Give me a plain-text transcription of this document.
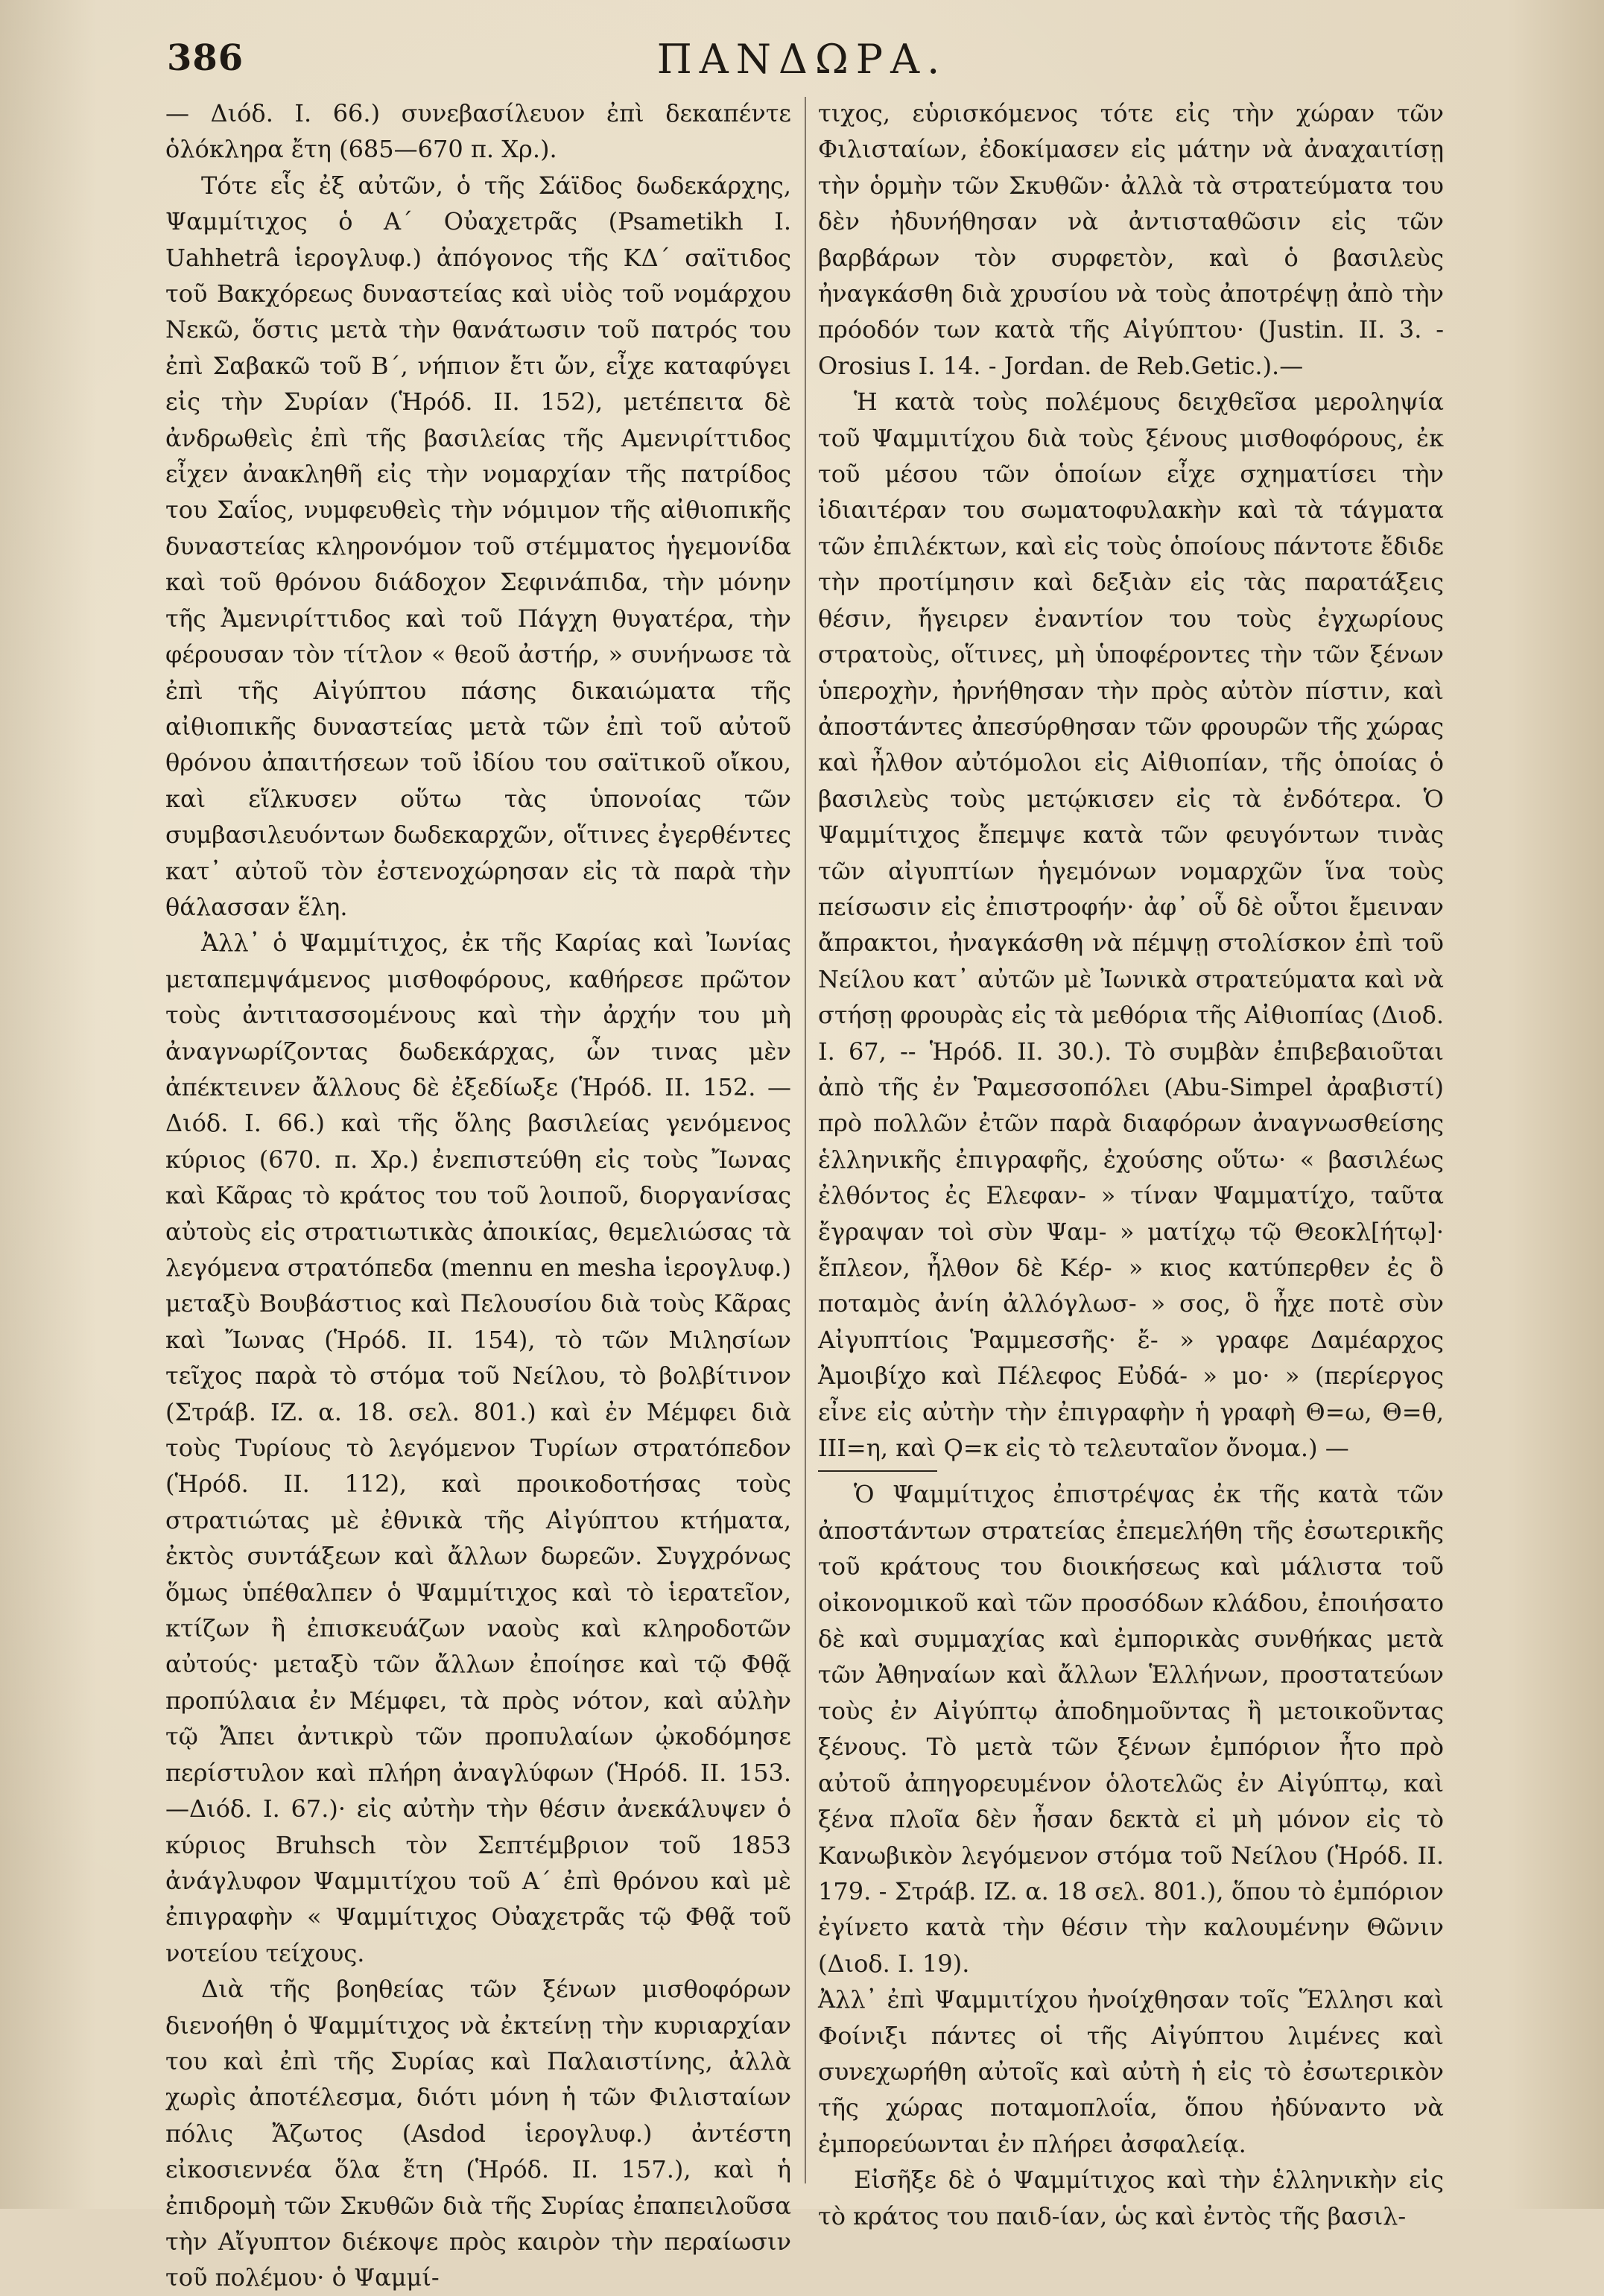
386	ΠΑΝΔΩΡΑ.

— Διόδ. Ι. 66.) συνεβασίλευον ἐπὶ δεκαπέντε ὁλόκληρα ἔτη (685—670 π. Χρ.).

Τότε εἷς ἐξ αὐτῶν, ὁ τῆς Σάϊδος δωδεκάρχης, Ψαμμίτιχος ὁ Α΄ Οὐαχετρᾶς (Psametikh I. Uahhetrâ ἱερογλυφ.) ἀπόγονος τῆς ΚΔ΄ σαϊτιδος τοῦ Βακχόρεως δυναστείας καὶ υἱὸς τοῦ νομάρχου Νεκῶ, ὅστις μετὰ τὴν θανάτωσιν τοῦ πατρός του ἐπὶ Σαβακῶ τοῦ Β΄, νήπιον ἔτι ὤν, εἶχε καταφύγει εἰς τὴν Συρίαν (Ἡρόδ. ΙΙ. 152), μετέπειτα δὲ ἀνδρωθεὶς ἐπὶ τῆς βασιλείας τῆς Αμενιρίττιδος εἶχεν ἀνακληθῆ εἰς τὴν νομαρχίαν τῆς πατρίδος του Σαΐος, νυμφευθεὶς τὴν νόμιμον τῆς αἰθιοπικῆς δυναστείας κληρονόμον τοῦ στέμματος ἡγεμονίδα καὶ τοῦ θρόνου διάδοχον Σεφινάπιδα, τὴν μόνην τῆς Ἀμενιρίττιδος καὶ τοῦ Πάγχη θυγατέρα, τὴν φέρουσαν τὸν τίτλον « θεοῦ ἀστήρ, » συνήνωσε τὰ ἐπὶ τῆς Αἰγύπτου πάσης δικαιώματα τῆς αἰθιοπικῆς δυναστείας μετὰ τῶν ἐπὶ τοῦ αὐτοῦ θρόνου ἀπαιτήσεων τοῦ ἰδίου του σαϊτικοῦ οἴκου, καὶ εἵλκυσεν οὕτω τὰς ὑπονοίας τῶν συμβασιλευόντων δωδεκαρχῶν, οἵτινες ἐγερθέντες κατ᾽ αὐτοῦ τὸν ἐστενοχώρησαν εἰς τὰ παρὰ τὴν θάλασσαν ἕλη.

Ἀλλ᾽ ὁ Ψαμμίτιχος, ἐκ τῆς Καρίας καὶ Ἰωνίας μεταπεμψάμενος μισθοφόρους, καθήρεσε πρῶτον τοὺς ἀντιτασσομένους καὶ τὴν ἀρχήν του μὴ ἀναγνωρίζοντας δωδεκάρχας, ὧν τινας μὲν ἀπέκτεινεν ἄλλους δὲ ἐξεδίωξε (Ἡρόδ. ΙΙ. 152. —Διόδ. Ι. 66.) καὶ τῆς ὅλης βασιλείας γενόμενος κύριος (670. π. Χρ.) ἐνεπιστεύθη εἰς τοὺς Ἴωνας καὶ Κᾶρας τὸ κράτος του τοῦ λοιποῦ, διοργανίσας αὐτοὺς εἰς στρατιωτικὰς ἀποικίας, θεμελιώσας τὰ λεγόμενα στρατόπεδα (mennu en mesha ἱερογλυφ.) μεταξὺ Βουβάστιος καὶ Πελουσίου διὰ τοὺς Κᾶρας καὶ Ἴωνας (Ἡρόδ. ΙΙ. 154), τὸ τῶν Μιλησίων τεῖχος παρὰ τὸ στόμα τοῦ Νείλου, τὸ βολβίτινον (Στράβ. ΙΖ. α. 18. σελ. 801.) καὶ ἐν Μέμφει διὰ τοὺς Τυρίους τὸ λεγόμενον Τυρίων στρατόπεδον (Ἡρόδ. ΙΙ. 112), καὶ προικοδοτήσας τοὺς στρατιώτας μὲ ἐθνικὰ τῆς Αἰγύπτου κτήματα, ἐκτὸς συντάξεων καὶ ἄλλων δωρεῶν. Συγχρόνως ὅμως ὑπέθαλπεν ὁ Ψαμμίτιχος καὶ τὸ ἱερατεῖον, κτίζων ἢ ἐπισκευάζων ναοὺς καὶ κληροδοτῶν αὐτούς· μεταξὺ τῶν ἄλλων ἐποίησε καὶ τῷ Φθᾷ προπύλαια ἐν Μέμφει, τὰ πρὸς νότον, καὶ αὐλὴν τῷ Ἄπει ἀντικρὺ τῶν προπυλαίων ᾠκοδόμησε περίστυλον καὶ πλήρη ἀναγλύφων (Ἡρόδ. ΙΙ. 153. —Διόδ. Ι. 67.)· εἰς αὐτὴν τὴν θέσιν ἀνεκάλυψεν ὁ κύριος Bruhsch τὸν Σεπτέμβριον τοῦ 1853 ἀνάγλυφον Ψαμμιτίχου τοῦ Α΄ ἐπὶ θρόνου καὶ μὲ ἐπιγραφὴν « Ψαμμίτιχος Οὐαχετρᾶς τῷ Φθᾷ τοῦ νοτείου τείχους.

Διὰ τῆς βοηθείας τῶν ξένων μισθοφόρων διενοήθη ὁ Ψαμμίτιχος νὰ ἐκτείνῃ τὴν κυριαρχίαν του καὶ ἐπὶ τῆς Συρίας καὶ Παλαιστίνης, ἀλλὰ χωρὶς ἀποτέλεσμα, διότι μόνη ἡ τῶν Φιλισταίων πόλις Ἄζωτος (Asdod ἱερογλυφ.) ἀντέστη εἰκοσιεννέα ὅλα ἔτη (Ἡρόδ. ΙΙ. 157.), καὶ ἡ ἐπιδρομὴ τῶν Σκυθῶν διὰ τῆς Συρίας ἐπαπειλοῦσα τὴν Αἴγυπτον διέκοψε πρὸς καιρὸν τὴν περαίωσιν τοῦ πολέμου· ὁ Ψαμμί-

τιχος, εὑρισκόμενος τότε εἰς τὴν χώραν τῶν Φιλισταίων, ἐδοκίμασεν εἰς μάτην νὰ ἀναχαιτίσῃ τὴν ὁρμὴν τῶν Σκυθῶν· ἀλλὰ τὰ στρατεύματα του δὲν ἠδυνήθησαν νὰ ἀντισταθῶσιν εἰς τῶν βαρβάρων τὸν συρφετὸν, καὶ ὁ βασιλεὺς ἠναγκάσθη διὰ χρυσίου νὰ τοὺς ἀποτρέψῃ ἀπὸ τὴν πρόοδόν των κατὰ τῆς Αἰγύπτου· (Justin. II. 3. - Orosius I. 14. - Jordan. de Reb.Getic.).—

Ἡ κατὰ τοὺς πολέμους δειχθεῖσα μεροληψία τοῦ Ψαμμιτίχου διὰ τοὺς ξένους μισθοφόρους, ἐκ τοῦ μέσου τῶν ὁποίων εἶχε σχηματίσει τὴν ἰδιαιτέραν του σωματοφυλακὴν καὶ τὰ τάγματα τῶν ἐπιλέκτων, καὶ εἰς τοὺς ὁποίους πάντοτε ἔδιδε τὴν προτίμησιν καὶ δεξιὰν εἰς τὰς παρατάξεις θέσιν, ἤγειρεν ἐναντίον του τοὺς ἐγχωρίους στρατοὺς, οἵτινες, μὴ ὑποφέροντες τὴν τῶν ξένων ὑπεροχὴν, ἠρνήθησαν τὴν πρὸς αὐτὸν πίστιν, καὶ ἀποστάντες ἀπεσύρθησαν τῶν φρουρῶν τῆς χώρας καὶ ἦλθον αὐτόμολοι εἰς Αἰθιοπίαν, τῆς ὁποίας ὁ βασιλεὺς τοὺς μετῴκισεν εἰς τὰ ἐνδότερα. Ὁ Ψαμμίτιχος ἔπεμψε κατὰ τῶν φευγόντων τινὰς τῶν αἰγυπτίων ἡγεμόνων νομαρχῶν ἵνα τοὺς πείσωσιν εἰς ἐπιστροφήν· ἀφ᾽ οὗ δὲ οὗτοι ἔμειναν ἄπρακτοι, ἠναγκάσθη νὰ πέμψῃ στολίσκον ἐπὶ τοῦ Νείλου κατ᾽ αὐτῶν μὲ Ἰωνικὰ στρατεύματα καὶ νὰ στήσῃ φρουρὰς εἰς τὰ μεθόρια τῆς Αἰθιοπίας (Διοδ. Ι. 67, -- Ἡρόδ. ΙΙ. 30.). Τὸ συμβὰν ἐπιβεβαιοῦται ἀπὸ τῆς ἐν Ῥαμεσσοπόλει (Abu-Simpel ἀραβιστί) πρὸ πολλῶν ἐτῶν παρὰ διαφόρων ἀναγνωσθείσης ἑλληνικῆς ἐπιγραφῆς, ἐχούσης οὕτω· « βασιλέως ἐλθόντος ἐς Ελεφαν- » τίναν Ψαμματίχο, ταῦτα ἔγραψαν τοὶ σὺν Ψαμ- » ματίχῳ τῷ Θεοκλ[ήτῳ]· ἔπλεον, ἦλθον δὲ Κέρ- » κιος κατύπερθεν ἐς ὃ ποταμὸς ἀνίη ἀλλόγλωσ- » σος, ὃ ἦχε ποτὲ σὺν Αἰγυπτίοις Ῥαμμεσσῆς· ἔ- » γραφε Δαμέαρχος Ἀμοιβίχο καὶ Πέλεφος Εὐδά- » μο· » (περίεργος εἶνε εἰς αὐτὴν τὴν ἐπιγραφὴν ἡ γραφὴ Θ=ω, Θ=θ, ΙΙΙ=η, καὶ Ϙ=κ εἰς τὸ τελευταῖον ὄνομα.) —

Ὁ Ψαμμίτιχος ἐπιστρέψας ἐκ τῆς κατὰ τῶν ἀποστάντων στρατείας ἐπεμελήθη τῆς ἐσωτερικῆς τοῦ κράτους του διοικήσεως καὶ μάλιστα τοῦ οἰκονομικοῦ καὶ τῶν προσόδων κλάδου, ἐποιήσατο δὲ καὶ συμμαχίας καὶ ἐμπορικὰς συνθήκας μετὰ τῶν Ἀθηναίων καὶ ἄλλων Ἑλλήνων, προστατεύων τοὺς ἐν Αἰγύπτῳ ἀποδημοῦντας ἢ μετοικοῦντας ξένους. Τὸ μετὰ τῶν ξένων ἐμπόριον ἦτο πρὸ αὐτοῦ ἀπηγορευμένον ὁλοτελῶς ἐν Αἰγύπτῳ, καὶ ξένα πλοῖα δὲν ἦσαν δεκτὰ εἰ μὴ μόνον εἰς τὸ Κανωβικὸν λεγόμενον στόμα τοῦ Νείλου (Ἡρόδ. ΙΙ. 179. - Στράβ. ΙΖ. α. 18 σελ. 801.), ὅπου τὸ ἐμπόριον ἐγίνετο κατὰ τὴν θέσιν τὴν καλουμένην Θῶνιν (Διοδ. Ι. 19).

Ἀλλ᾽ ἐπὶ Ψαμμιτίχου ἠνοίχθησαν τοῖς Ἕλλησι καὶ Φοίνιξι πάντες οἱ τῆς Αἰγύπτου λιμένες καὶ συνεχωρήθη αὐτοῖς καὶ αὐτὴ ἡ εἰς τὸ ἐσωτερικὸν τῆς χώρας ποταμοπλοΐα, ὅπου ἠδύναντο νὰ ἐμπορεύωνται ἐν πλήρει ἀσφαλείᾳ.

Εἰσῆξε δὲ ὁ Ψαμμίτιχος καὶ τὴν ἑλληνικὴν εἰς τὸ κράτος του παιδ-ίαν, ὡς καὶ ἐντὸς τῆς βασιλ-
